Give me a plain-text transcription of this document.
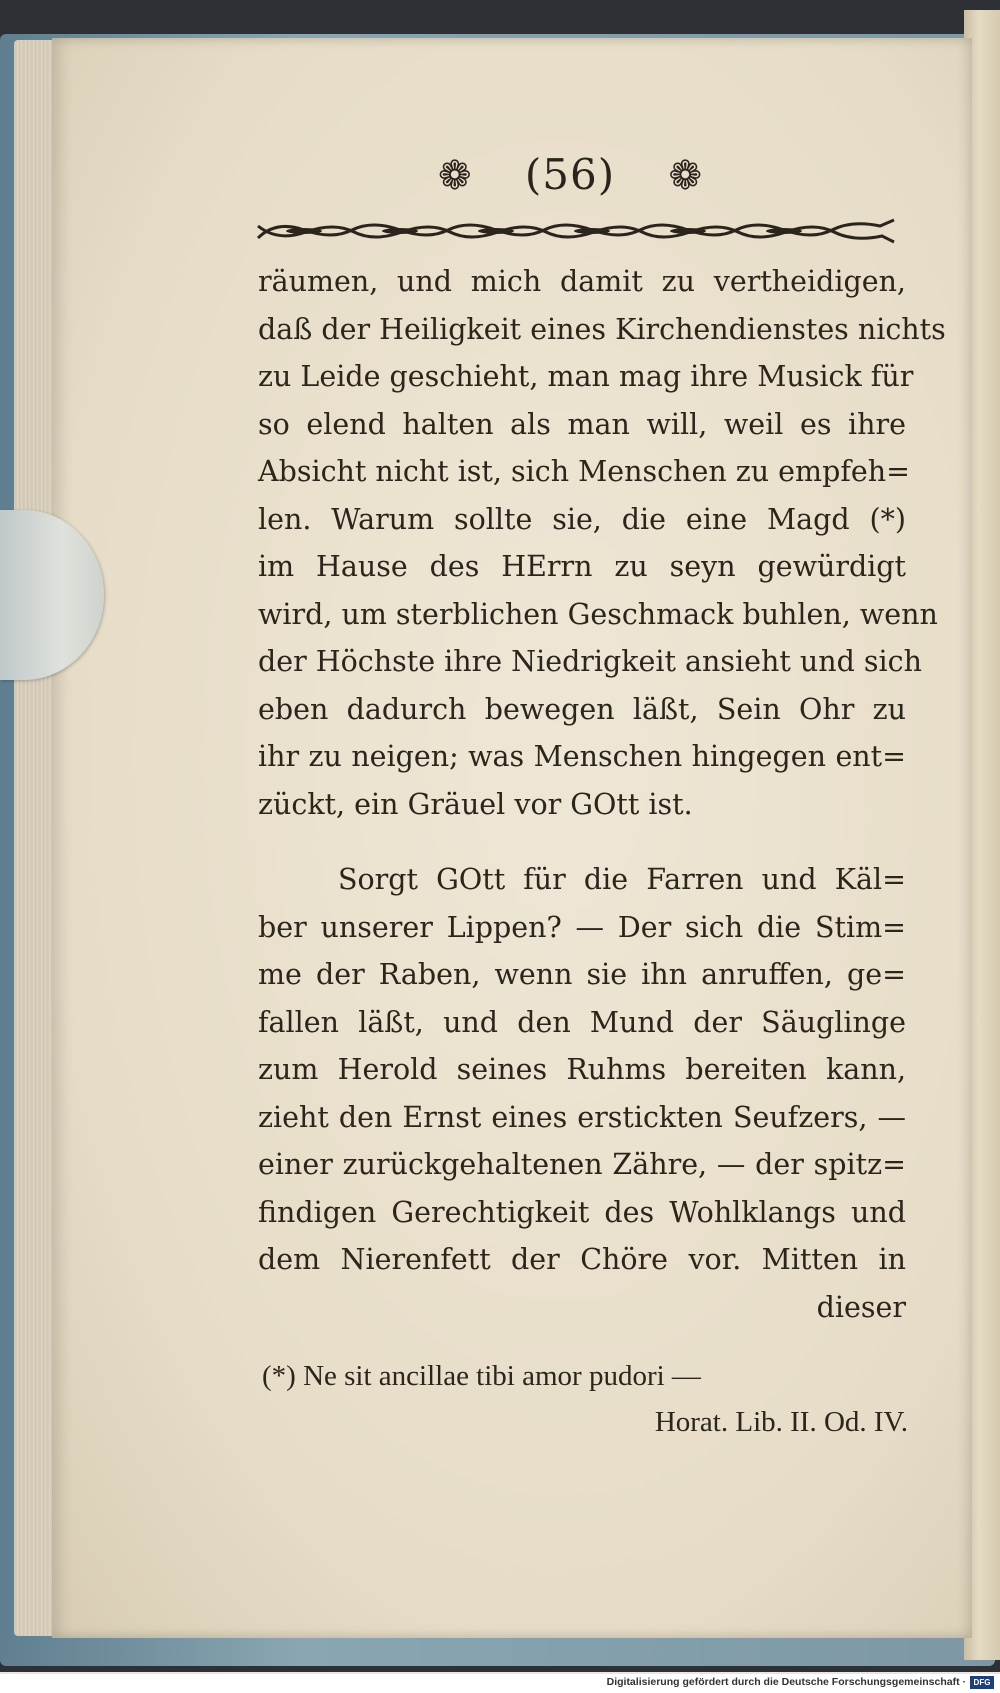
❁	(56)	❁
räumen, und mich damit zu vertheidigen,
daß der Heiligkeit eines Kirchendienstes nichts
zu Leide geschieht, man mag ihre Musick für
so elend halten als man will, weil es ihre
Absicht nicht ist, sich Menschen zu empfeh=
len. Warum sollte sie, die eine Magd (*)
im Hause des HErrn zu seyn gewürdigt
wird, um sterblichen Geschmack buhlen, wenn
der Höchste ihre Niedrigkeit ansieht und sich
eben dadurch bewegen läßt, Sein Ohr zu
ihr zu neigen; was Menschen hingegen ent=
zückt, ein Gräuel vor GOtt ist.
Sorgt GOtt für die Farren und Käl=
ber unserer Lippen? — Der sich die Stim=
me der Raben, wenn sie ihn anruffen, ge=
fallen läßt, und den Mund der Säuglinge
zum Herold seines Ruhms bereiten kann,
zieht den Ernst eines erstickten Seufzers, —
einer zurückgehaltenen Zähre, — der spitz=
findigen Gerechtigkeit des Wohlklangs und
dem Nierenfett der Chöre vor. Mitten in
dieser
(*) Ne sit ancillae tibi amor pudori —
Horat. Lib. II. Od. IV.
Digitalisierung gefördert durch die Deutsche Forschungsgemeinschaft · DFG
